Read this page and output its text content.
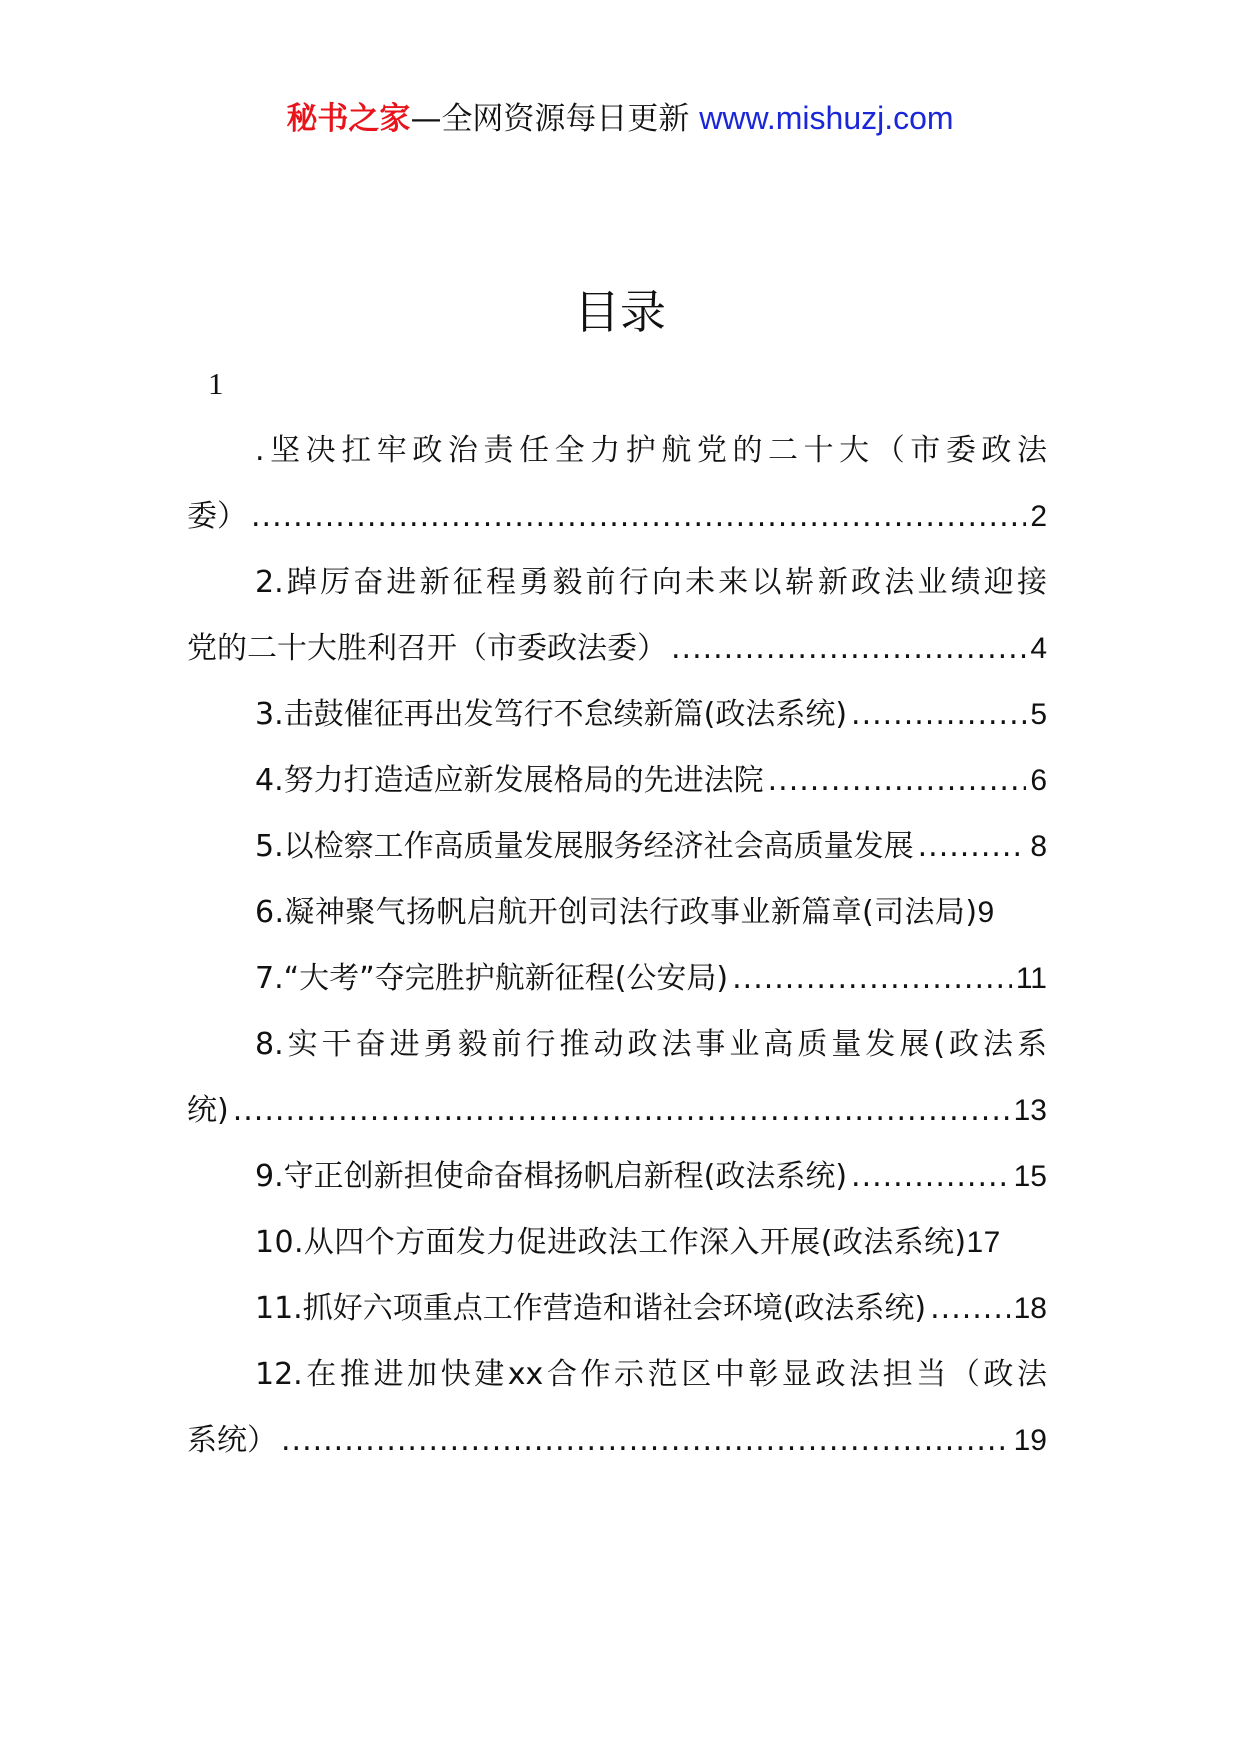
秘书之家—全网资源每日更新 www.mishuzj.com
目录
1
.坚决扛牢政治责任全力护航党的二十大（市委政法
委） .....	2
2.踔厉奋进新征程勇毅前行向未来以崭新政法业绩迎接
党的二十大胜利召开（市委政法委） .....	4
3.击鼓催征再出发笃行不怠续新篇(政法系统) .....	5
4.努力打造适应新发展格局的先进法院 .....	6
5.以检察工作高质量发展服务经济社会高质量发展 .....	8
6.凝神聚气扬帆启航开创司法行政事业新篇章(司法局) 9
7.“大考”夺完胜护航新征程(公安局) .....	11
8.实干奋进勇毅前行推动政法事业高质量发展(政法系
统) .....	13
9.守正创新担使命奋楫扬帆启新程(政法系统) .....	15
10.从四个方面发力促进政法工作深入开展(政法系统) 17
11.抓好六项重点工作营造和谐社会环境(政法系统) .....	18
12.在推进加快建xx合作示范区中彰显政法担当（政法
系统） .....	19
